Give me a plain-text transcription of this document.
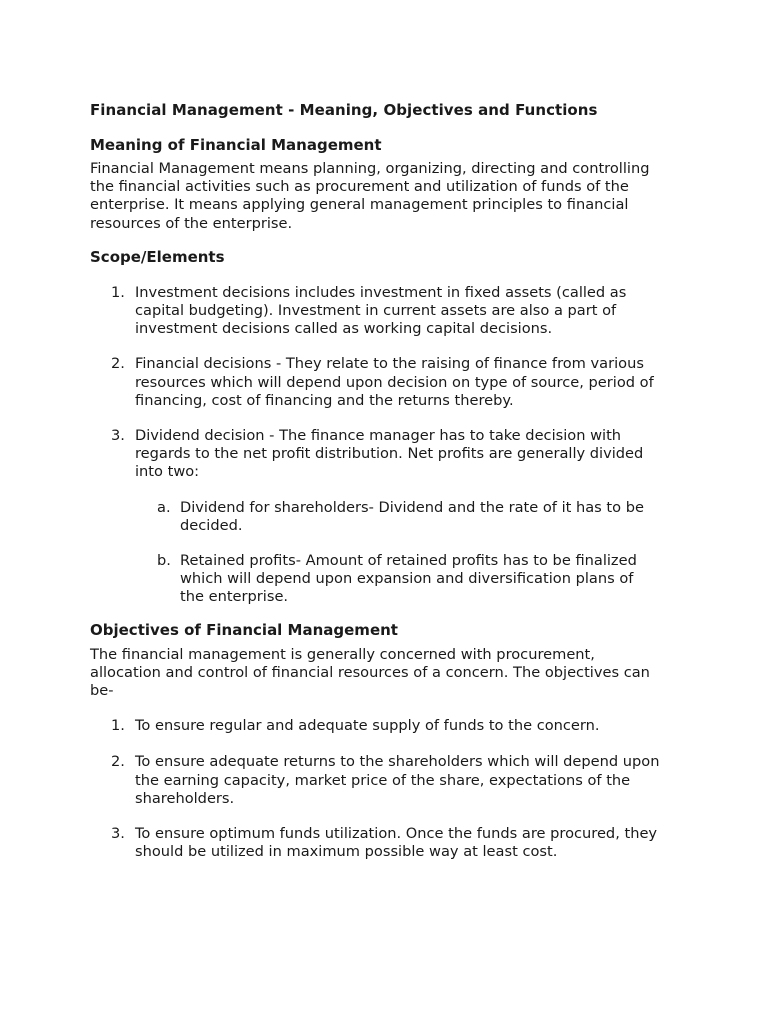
Financial Management - Meaning, Objectives and Functions
Meaning of Financial Management
Financial Management means planning, organizing, directing and controlling
the financial activities such as procurement and utilization of funds of the
enterprise. It means applying general management principles to financial
resources of the enterprise.
Scope/Elements
1. Investment decisions includes investment in fixed assets (called as
capital budgeting). Investment in current assets are also a part of
investment decisions called as working capital decisions.
2. Financial decisions - They relate to the raising of finance from various
resources which will depend upon decision on type of source, period of
financing, cost of financing and the returns thereby.
3. Dividend decision - The finance manager has to take decision with
regards to the net profit distribution. Net profits are generally divided
into two:
a. Dividend for shareholders- Dividend and the rate of it has to be
decided.
b. Retained profits- Amount of retained profits has to be finalized
which will depend upon expansion and diversification plans of
the enterprise.
Objectives of Financial Management
The financial management is generally concerned with procurement,
allocation and control of financial resources of a concern. The objectives can
be-
1. To ensure regular and adequate supply of funds to the concern.
2. To ensure adequate returns to the shareholders which will depend upon
the earning capacity, market price of the share, expectations of the
shareholders.
3. To ensure optimum funds utilization. Once the funds are procured, they
should be utilized in maximum possible way at least cost.
